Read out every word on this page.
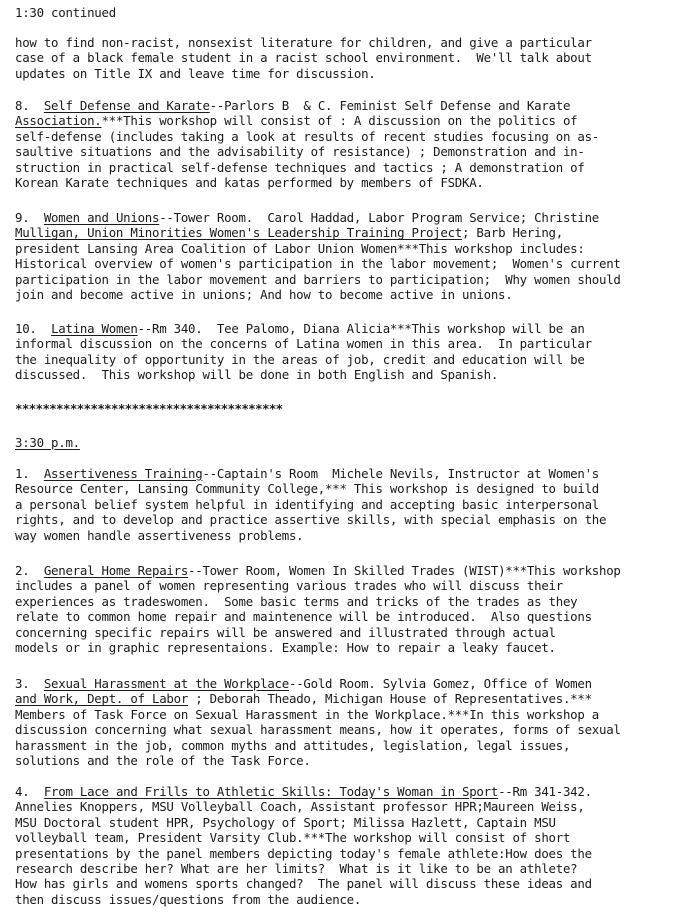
1:30 continued
how to find non-racist, nonsexist literature for children, and give a particular
case of a black female student in a racist school environment.  We'll talk about
updates on Title IX and leave time for discussion.
8. Self Defense and Karate--Parlors B  & C. Feminist Self Defense and Karate
Association.***This workshop will consist of : A discussion on the politics of
self-defense (includes taking a look at results of recent studies focusing on as-
saultive situations and the advisability of resistance) ; Demonstration and in-
struction in practical self-defense techniques and tactics ; A demonstration of
Korean Karate techniques and katas performed by members of FSDKA.
9. Women and Unions--Tower Room.  Carol Haddad, Labor Program Service; Christine
Mulligan, Union Minorities Women's Leadership Training Project; Barb Hering,
president Lansing Area Coalition of Labor Union Women***This workshop includes:
Historical overview of women's participation in the labor movement;  Women's current
participation in the labor movement and barriers to participation;  Why women should
join and become active in unions; And how to become active in unions.
10. Latina Women--Rm 340.  Tee Palomo, Diana Alicia***This workshop will be an
informal discussion on the concerns of Latina women in this area.  In particular
the inequality of opportunity in the areas of job, credit and education will be
discussed.  This workshop will be done in both English and Spanish.
***************************************
3:30 p.m.
1. Assertiveness Training--Captain's Room  Michele Nevils, Instructor at Women's
Resource Center, Lansing Community College,*** This workshop is designed to build
a personal belief system helpful in identifying and accepting basic interpersonal
rights, and to develop and practice assertive skills, with special emphasis on the
way women handle assertiveness problems.
2. General Home Repairs--Tower Room, Women In Skilled Trades (WIST)***This workshop
includes a panel of women representing various trades who will discuss their
experiences as tradeswomen.  Some basic terms and tricks of the trades as they
relate to common home repair and maintenence will be introduced.  Also questions
concerning specific repairs will be answered and illustrated through actual
models or in graphic representaions. Example: How to repair a leaky faucet.
3. Sexual Harassment at the Workplace--Gold Room. Sylvia Gomez, Office of Women
and Work, Dept. of Labor ; Deborah Theado, Michigan House of Representatives.***
Members of Task Force on Sexual Harassment in the Workplace.***In this workshop a
discussion concerning what sexual harassment means, how it operates, forms of sexual
harassment in the job, common myths and attitudes, legislation, legal issues,
solutions and the role of the Task Force.
4. From Lace and Frills to Athletic Skills: Today's Woman in Sport--Rm 341-342.
Annelies Knoppers, MSU Volleyball Coach, Assistant professor HPR;Maureen Weiss,
MSU Doctoral student HPR, Psychology of Sport; Milissa Hazlett, Captain MSU
volleyball team, President Varsity Club.***The workshop will consist of short
presentations by the panel members depicting today's female athlete:How does the
research describe her? What are her limits?  What is it like to be an athlete?
How has girls and womens sports changed?  The panel will discuss these ideas and
then discuss issues/questions from the audience.
